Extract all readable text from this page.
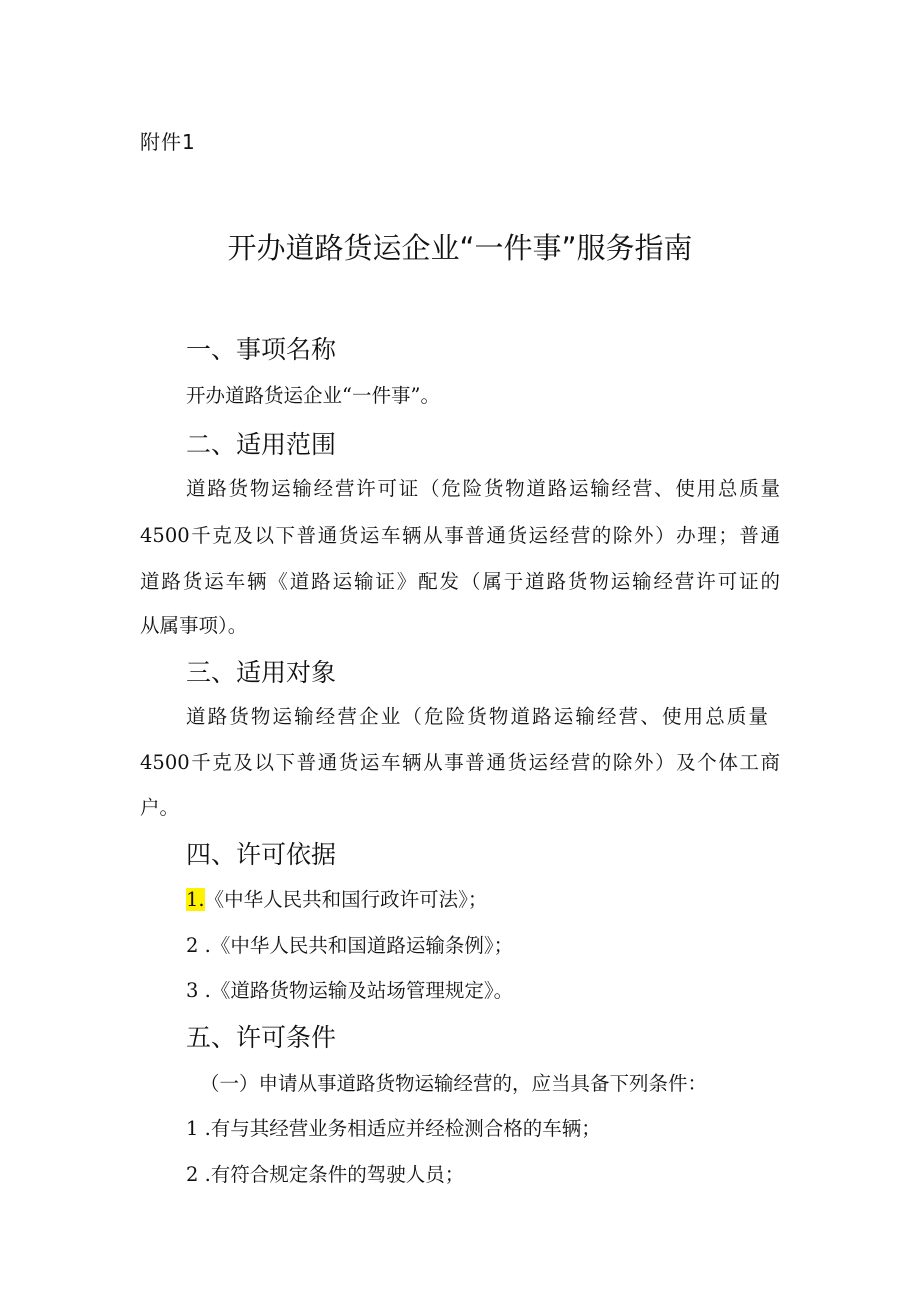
附件1
开办道路货运企业“一件事”服务指南
一、事项名称
开办道路货运企业“一件事”。
二、适用范围
道路货物运输经营许可证（危险货物道路运输经营、使用总质量
4500千克及以下普通货运车辆从事普通货运经营的除外）办理；普通
道路货运车辆《道路运输证》配发（属于道路货物运输经营许可证的
从属事项）。
三、适用对象
道路货物运输经营企业（危险货物道路运输经营、使用总质量
4500千克及以下普通货运车辆从事普通货运经营的除外）及个体工商
户。
四、许可依据
1.《中华人民共和国行政许可法》；
2 .《中华人民共和国道路运输条例》；
3 .《道路货物运输及站场管理规定》。
五、许可条件
（一）申请从事道路货物运输经营的，应当具备下列条件：
1 .有与其经营业务相适应并经检测合格的车辆；
2 .有符合规定条件的驾驶人员；
